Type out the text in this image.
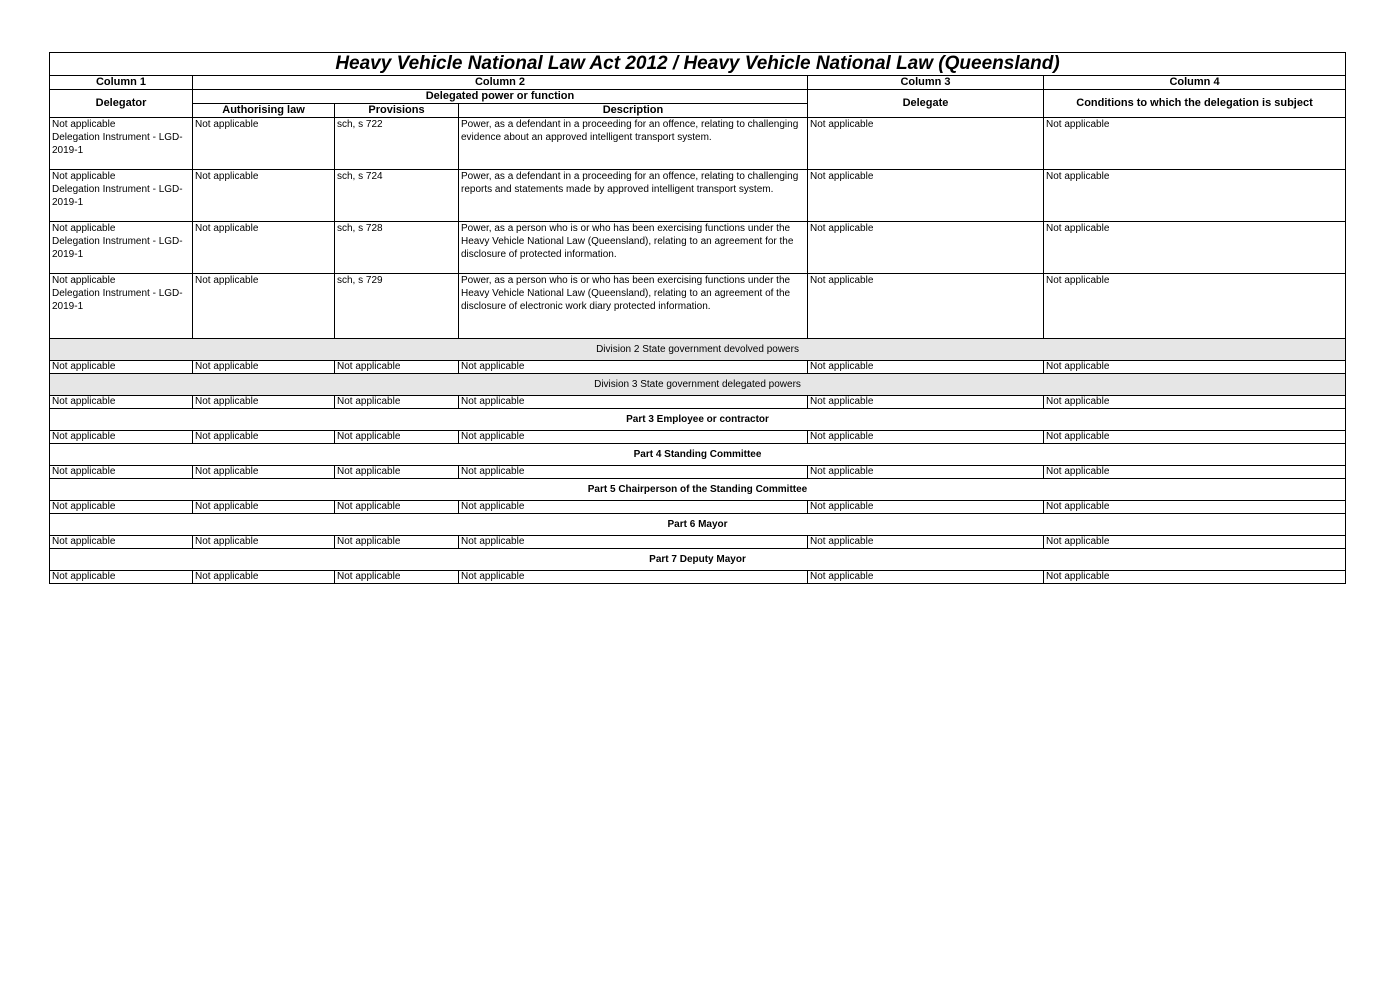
Heavy Vehicle National Law Act 2012 / Heavy Vehicle National Law (Queensland)					
Column 1	Column 2			Column 3	Column 4
Delegator	Delegated power or function			Delegate	Conditions to which the delegation is subject
	Authorising law	Provisions	Description		
Not applicable
Delegation Instrument - LGD-2019-1	Not applicable	sch, s 722	Power, as a defendant in a proceeding for an offence, relating to challenging evidence about an approved intelligent transport system.	Not applicable	Not applicable
Not applicable
Delegation Instrument - LGD-2019-1	Not applicable	sch, s 724	Power, as a defendant in a proceeding for an offence, relating to challenging reports and statements made by approved intelligent transport system.	Not applicable	Not applicable
Not applicable
Delegation Instrument - LGD-2019-1	Not applicable	sch, s 728	Power, as a person who is or who has been exercising functions under the Heavy Vehicle National Law (Queensland), relating to an agreement for the disclosure of protected information.	Not applicable	Not applicable
Not applicable
Delegation Instrument - LGD-2019-1	Not applicable	sch, s 729	Power, as a person who is or who has been exercising functions under the Heavy Vehicle National Law (Queensland), relating to an agreement of the disclosure of electronic work diary protected information.	Not applicable	Not applicable
Division 2 State government devolved powers					
Not applicable	Not applicable	Not applicable	Not applicable	Not applicable	Not applicable
Division 3 State government delegated powers					
Not applicable	Not applicable	Not applicable	Not applicable	Not applicable	Not applicable
Part 3 Employee or contractor					
Not applicable	Not applicable	Not applicable	Not applicable	Not applicable	Not applicable
Part 4 Standing Committee					
Not applicable	Not applicable	Not applicable	Not applicable	Not applicable	Not applicable
Part 5 Chairperson of the Standing Committee					
Not applicable	Not applicable	Not applicable	Not applicable	Not applicable	Not applicable
Part 6 Mayor					
Not applicable	Not applicable	Not applicable	Not applicable	Not applicable	Not applicable
Part 7 Deputy Mayor					
Not applicable	Not applicable	Not applicable	Not applicable	Not applicable	Not applicable
